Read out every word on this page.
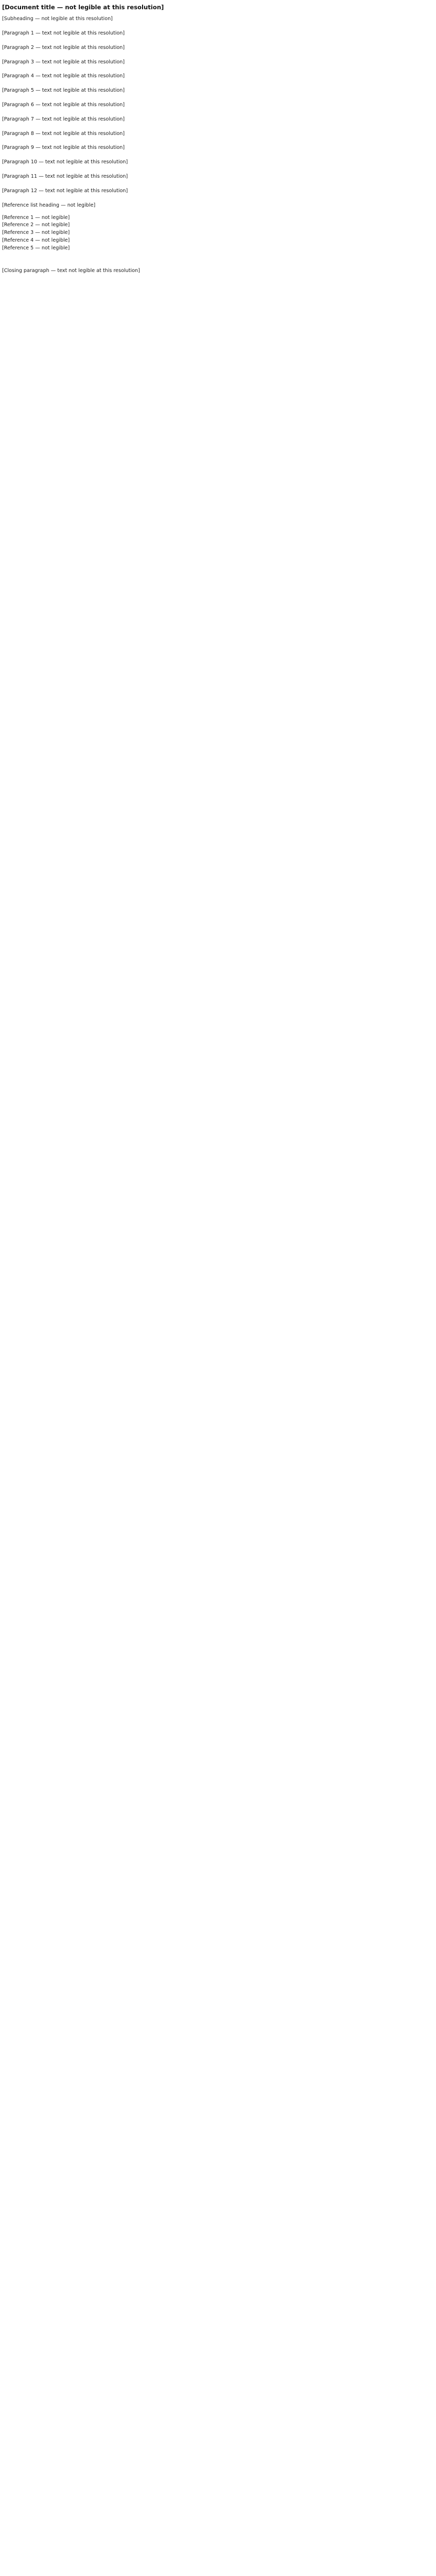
[Document title — not legible at this resolution]
[Subheading — not legible at this resolution]

[Paragraph 1 — text not legible at this resolution]

[Paragraph 2 — text not legible at this resolution]

[Paragraph 3 — text not legible at this resolution]

[Paragraph 4 — text not legible at this resolution]

[Paragraph 5 — text not legible at this resolution]

[Paragraph 6 — text not legible at this resolution]

[Paragraph 7 — text not legible at this resolution]

[Paragraph 8 — text not legible at this resolution]

[Paragraph 9 — text not legible at this resolution]

[Paragraph 10 — text not legible at this resolution]

[Paragraph 11 — text not legible at this resolution]

[Paragraph 12 — text not legible at this resolution]

[Reference list heading — not legible]
[Reference 1 — not legible]
[Reference 2 — not legible]
[Reference 3 — not legible]
[Reference 4 — not legible]
[Reference 5 — not legible]

[Closing paragraph — text not legible at this resolution]
